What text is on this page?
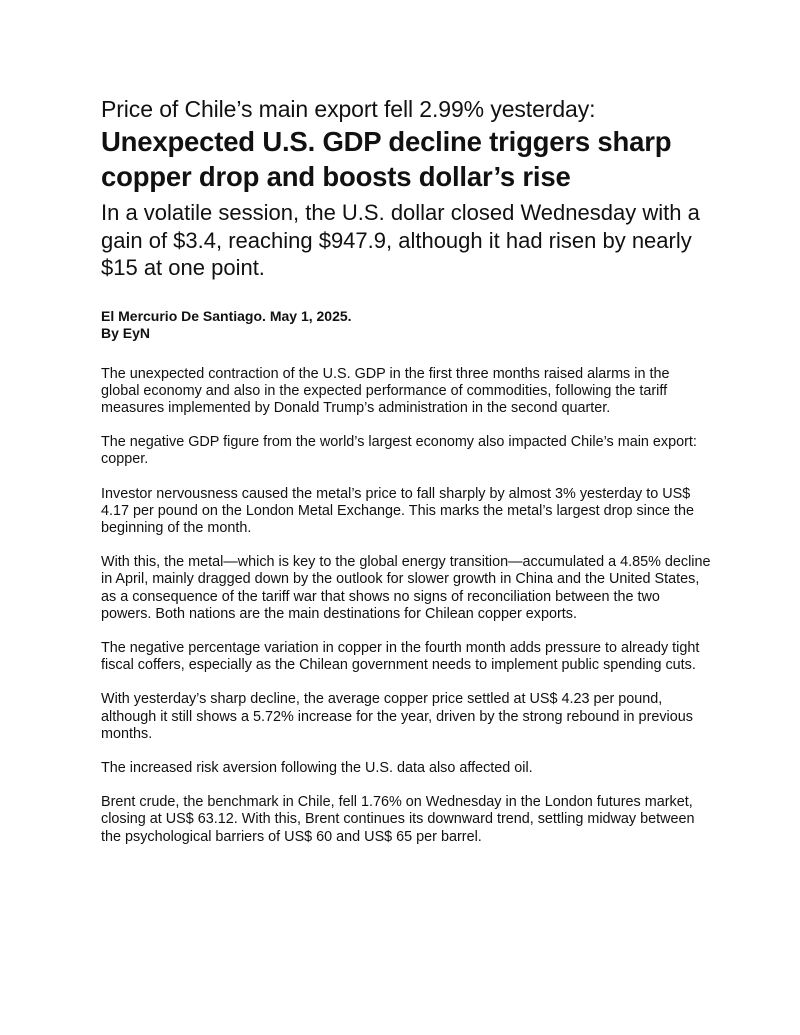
Price of Chile’s main export fell 2.99% yesterday:
Unexpected U.S. GDP decline triggers sharp copper drop and boosts dollar’s rise

In a volatile session, the U.S. dollar closed Wednesday with a gain of $3.4, reaching $947.9, although it had risen by nearly $15 at one point.

El Mercurio De Santiago. May 1, 2025.
By EyN

The unexpected contraction of the U.S. GDP in the first three months raised alarms in the global economy and also in the expected performance of commodities, following the tariff measures implemented by Donald Trump’s administration in the second quarter.

The negative GDP figure from the world’s largest economy also impacted Chile’s main export: copper.

Investor nervousness caused the metal’s price to fall sharply by almost 3% yesterday to US$ 4.17 per pound on the London Metal Exchange. This marks the metal’s largest drop since the beginning of the month.

With this, the metal—which is key to the global energy transition—accumulated a 4.85% decline in April, mainly dragged down by the outlook for slower growth in China and the United States, as a consequence of the tariff war that shows no signs of reconciliation between the two powers. Both nations are the main destinations for Chilean copper exports.

The negative percentage variation in copper in the fourth month adds pressure to already tight fiscal coffers, especially as the Chilean government needs to implement public spending cuts.

With yesterday’s sharp decline, the average copper price settled at US$ 4.23 per pound, although it still shows a 5.72% increase for the year, driven by the strong rebound in previous months.

The increased risk aversion following the U.S. data also affected oil.

Brent crude, the benchmark in Chile, fell 1.76% on Wednesday in the London futures market, closing at US$ 63.12. With this, Brent continues its downward trend, settling midway between the psychological barriers of US$ 60 and US$ 65 per barrel.
